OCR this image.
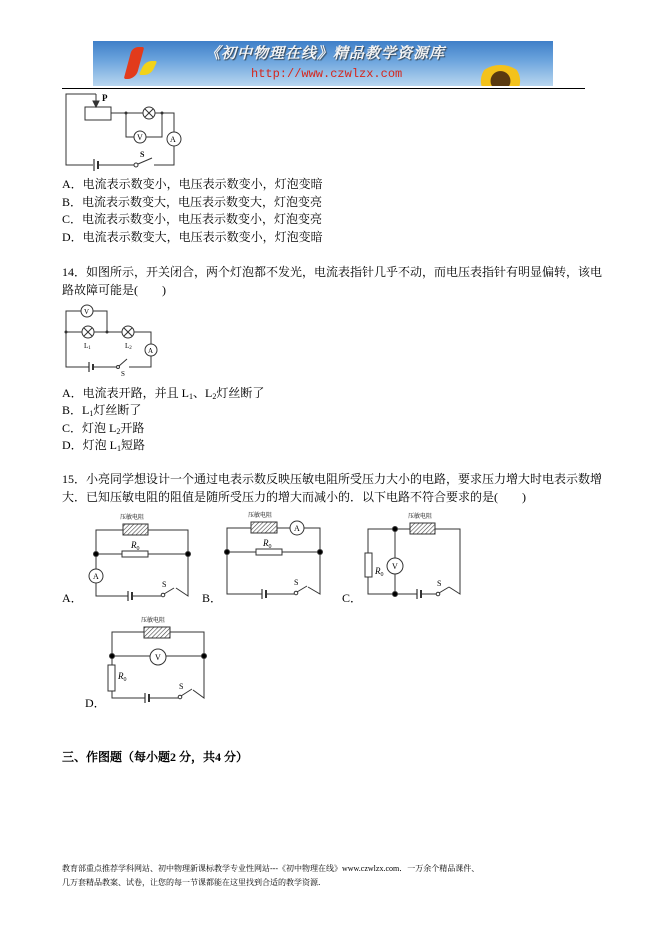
《初中物理在线》精品教学资源库
http://www.czwlzx.com
P
V	A
S
A．电流表示数变小，电压表示数变小，灯泡变暗
B．电流表示数变大，电压表示数变大，灯泡变亮
C．电流表示数变小，电压表示数变小，灯泡变亮
D．电流表示数变大，电压表示数变小，灯泡变暗
14．如图所示，开关闭合，两个灯泡都不发光，电流表指针几乎不动，而电压表指针有明显偏转，该电
路故障可能是(　　)
V
A
L1	L2
S
A．电流表开路，并且 $L_1$、$L_2$灯丝断了
B．$L_1$灯丝断了
C．灯泡 $L_2$开路
D．灯泡 $L_1$短路
15．小亮同学想设计一个通过电表示数反映压敏电阻所受压力大小的电路，要求压力增大时电表示数增
大．已知压敏电阻的阻值是随所受压力的增大而减小的．以下电路不符合要求的是(　　)
压敏电阻	压敏电阻	压敏电阻
压敏电阻
$R_0$
$R_0$
$R_0$
$R_0$
A
A
V
V
S	S	S
S
A．	B．	C．
D．
三、作图题（每小题2 分，共4 分）
教育部重点推荐学科网站、初中物理新课标教学专业性网站---《初中物理在线》www.czwlzx.com．一万余个精品课件、
几万套精品教案、试卷，让您的每一节课都能在这里找到合适的教学资源．
